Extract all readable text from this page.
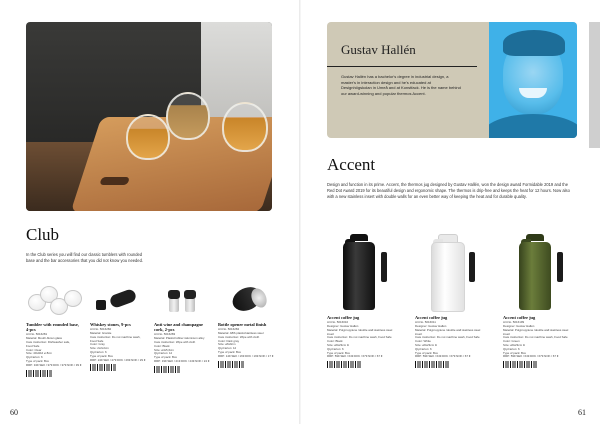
Club

In the Club series you will find our classic tumblers with rounded base and the bar accessories that you did not know you needed.

Tumbler with rounded base, 4-pcs

Art.No. 5016281
Material: Mouth-blown glass
Care instruction: Dishwasher safe,
Food Safe
Color: Clear
Size: 40x40cl ø 8cm
Qty/carton: 6
Type of pack: Box
RRP: 349 SEK / 379 DKK / 379 NOK / 39 €

Whiskey stones, 9-pcs

Art.No. 5016282
Material: Granite
Care instruction: Do not machine wash,
Food Safe
Color: Gray
Size: 2x2x2cm
Qty/carton: 6
Type of pack: Box
RRP: 249 SEK / 279 DKK / 299 NOK / 29 €

Anti wine and champagne cork, 2-pcs

Art.No. 5016283
Material: Plastic/rubber /aluminum alloy
Care instruction: Wipe with cloth
Color: Black
Size: ø4x5,6cm
Qty/carton: 12
Type of pack: Box
RRP: 199 SEK / 219 DKK / 249 NOK / 24 €

Bottle opener metal finish

Art.No. 5016284
Material: ABS plastic/stainless steel
Care instruction: Wipe with cloth
Color: Dark gray
Size: ø6x9cm
Qty/carton: 12
Type of pack: Box
RRP: 149 SEK / 169 DKK / 199 NOK / 17 €

60

Gustav Hallén

Gustav Hallén has a bachelor's degree in industrial design, a master's in interaction design and he's educated at Designhögskolan in Umeå and at Konstfack. He is the name behind our award-winning and popular thermos Accent.

Accent

Design and function in its prime. Accent, the thermos jug designed by Gustav Hallén, won the design award Formidable 2019 and the Red Dot Award 2019 for its beautiful design and ergonomic shape. The thermos is drip-free and keeps the heat for 12 hours. Now also with a new stainless insert with double walls for an even better way of keeping the heat and for durable quality.

Accent coffee jug

Art.No. 5016010
Designer: Gustav Hallén
Material: Polypropylene /double wall stainless steel
insert
Care instruction: Do not machine wash, Food Safe
Color: Black
Size: ø9x23cm 1l
Qty/carton: 6
Type of pack: Box
RRP: 599 SEK / 649 DKK / 679 NOK / 67 €

Accent coffee jug

Art.No. 5016011
Designer: Gustav Hallén
Material: Polypropylene /double wall stainless steel
insert
Care instruction: Do not machine wash, Food Safe
Color: White
Size: ø9x23cm 1l
Qty/carton: 6
Type of pack: Box
RRP: 599 SEK / 649 DKK / 679 NOK / 67 €

Accent coffee jug

Art.No. 5016199
Designer: Gustav Hallén
Material: Polypropylene /double wall stainless steel
insert
Care instruction: Do not machine wash, Food Safe
Color: Green
Size: ø9x23cm 1l
Qty/carton: 6
Type of pack: Box
RRP: 599 SEK / 649 DKK / 679 NOK / 67 €

61
